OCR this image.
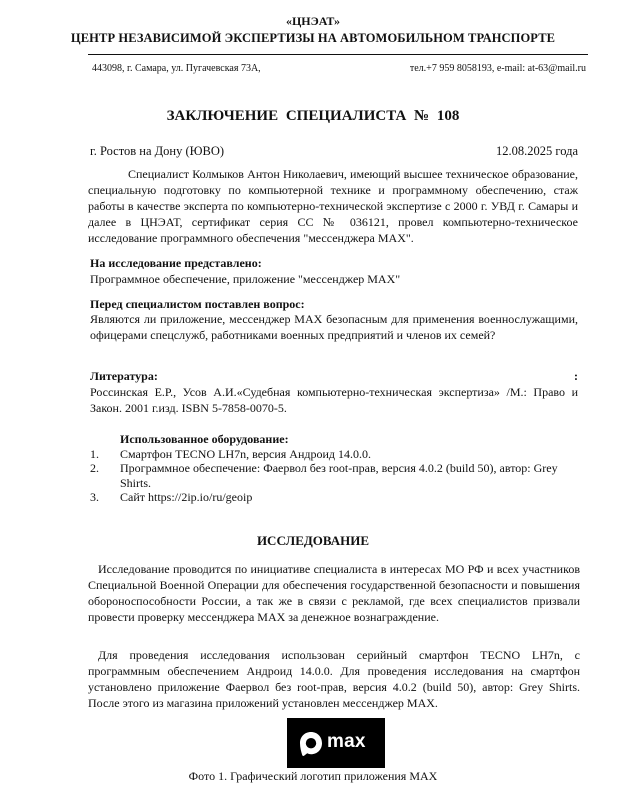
«ЦНЭАТ»
ЦЕНТР НЕЗАВИСИМОЙ ЭКСПЕРТИЗЫ НА АВТОМОБИЛЬНОМ ТРАНСПОРТЕ
443098, г. Самара, ул. Пугачевская 73А,	тел.+7 959 8058193, e-mail: at-63@mail.ru
ЗАКЛЮЧЕНИЕ СПЕЦИАЛИСТА № 108
г. Ростов на Дону (ЮВО)	12.08.2025 года
Специалист Колмыков Антон Николаевич, имеющий высшее техническое образование, специальную подготовку по компьютерной технике и программному обеспечению, стаж работы в качестве эксперта по компьютерно-технической экспертизе с 2000 г. УВД г. Самары и далее в ЦНЭАТ, сертификат серия СС № 036121, провел компьютерно-техническое исследование программного обеспечения "мессенджера MAX".
На исследование представлено:
Программное обеспечение, приложение "мессенджер MAX"
Перед специалистом поставлен вопрос:
Являются ли приложение, мессенджер MAX безопасным для применения военнослужащими, офицерами спецслужб, работниками военных предприятий и членов их семей?
Литература:	:
Россинская Е.Р., Усов А.И.«Судебная компьютерно-техническая экспертиза» /М.: Право и Закон. 2001 г.изд. ISBN 5-7858-0070-5.
Использованное оборудование:
1. Смартфон TECNO LH7n, версия Андроид 14.0.0.
2. Программное обеспечение: Фаервол без root-прав, версия 4.0.2 (build 50), автор: Grey Shirts.
3. Сайт https://2ip.io/ru/geoip
ИССЛЕДОВАНИЕ
Исследование проводится по инициативе специалиста в интересах МО РФ и всех участников Специальной Военной Операции для обеспечения государственной безопасности и повышения обороноспособности России, а так же в связи с рекламой, где всех специалистов призвали провести проверку мессенджера MAX за денежное вознаграждение.
Для проведения исследования использован серийный смартфон TECNO LH7n, с программным обеспечением Андроид 14.0.0. Для проведения исследования на смартфон установлено приложение Фаервол без root-прав, версия 4.0.2 (build 50), автор: Grey Shirts. После этого из магазина приложений установлен мессенджер MAX.
max
Фото 1. Графический логотип приложения MAX
